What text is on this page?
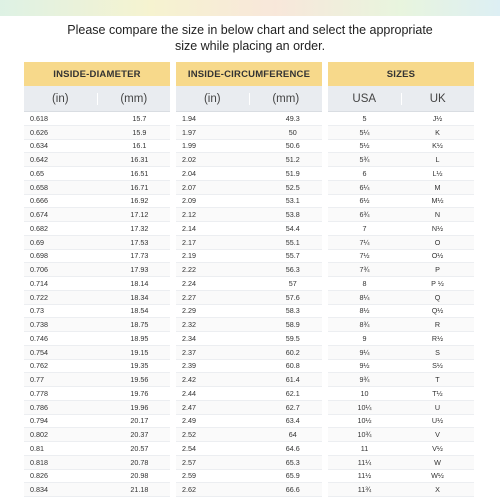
Please compare the size in below chart and select the appropriate
size while placing an order.
INSIDE-DIAMETER
(in)	(mm)
0.618	15.7
0.626	15.9
0.634	16.1
0.642	16.31
0.65	16.51
0.658	16.71
0.666	16.92
0.674	17.12
0.682	17.32
0.69	17.53
0.698	17.73
0.706	17.93
0.714	18.14
0.722	18.34
0.73	18.54
0.738	18.75
0.746	18.95
0.754	19.15
0.762	19.35
0.77	19.56
0.778	19.76
0.786	19.96
0.794	20.17
0.802	20.37
0.81	20.57
0.818	20.78
0.826	20.98
0.834	21.18
INSIDE-CIRCUMFERENCE
(in)	(mm)
1.94	49.3
1.97	50
1.99	50.6
2.02	51.2
2.04	51.9
2.07	52.5
2.09	53.1
2.12	53.8
2.14	54.4
2.17	55.1
2.19	55.7
2.22	56.3
2.24	57
2.27	57.6
2.29	58.3
2.32	58.9
2.34	59.5
2.37	60.2
2.39	60.8
2.42	61.4
2.44	62.1
2.47	62.7
2.49	63.4
2.52	64
2.54	64.6
2.57	65.3
2.59	65.9
2.62	66.6
SIZES
USA	UK
5	J½
5¼	K
5½	K½
5¾	L
6	L½
6¼	M
6½	M½
6¾	N
7	N½
7¼	O
7½	O½
7¾	P
8	P ½
8¼	Q
8½	Q½
8¾	R
9	R½
9¼	S
9½	S½
9¾	T
10	T½
10¼	U
10½	U½
10¾	V
11	V½
11¼	W
11½	W½
11¾	X
